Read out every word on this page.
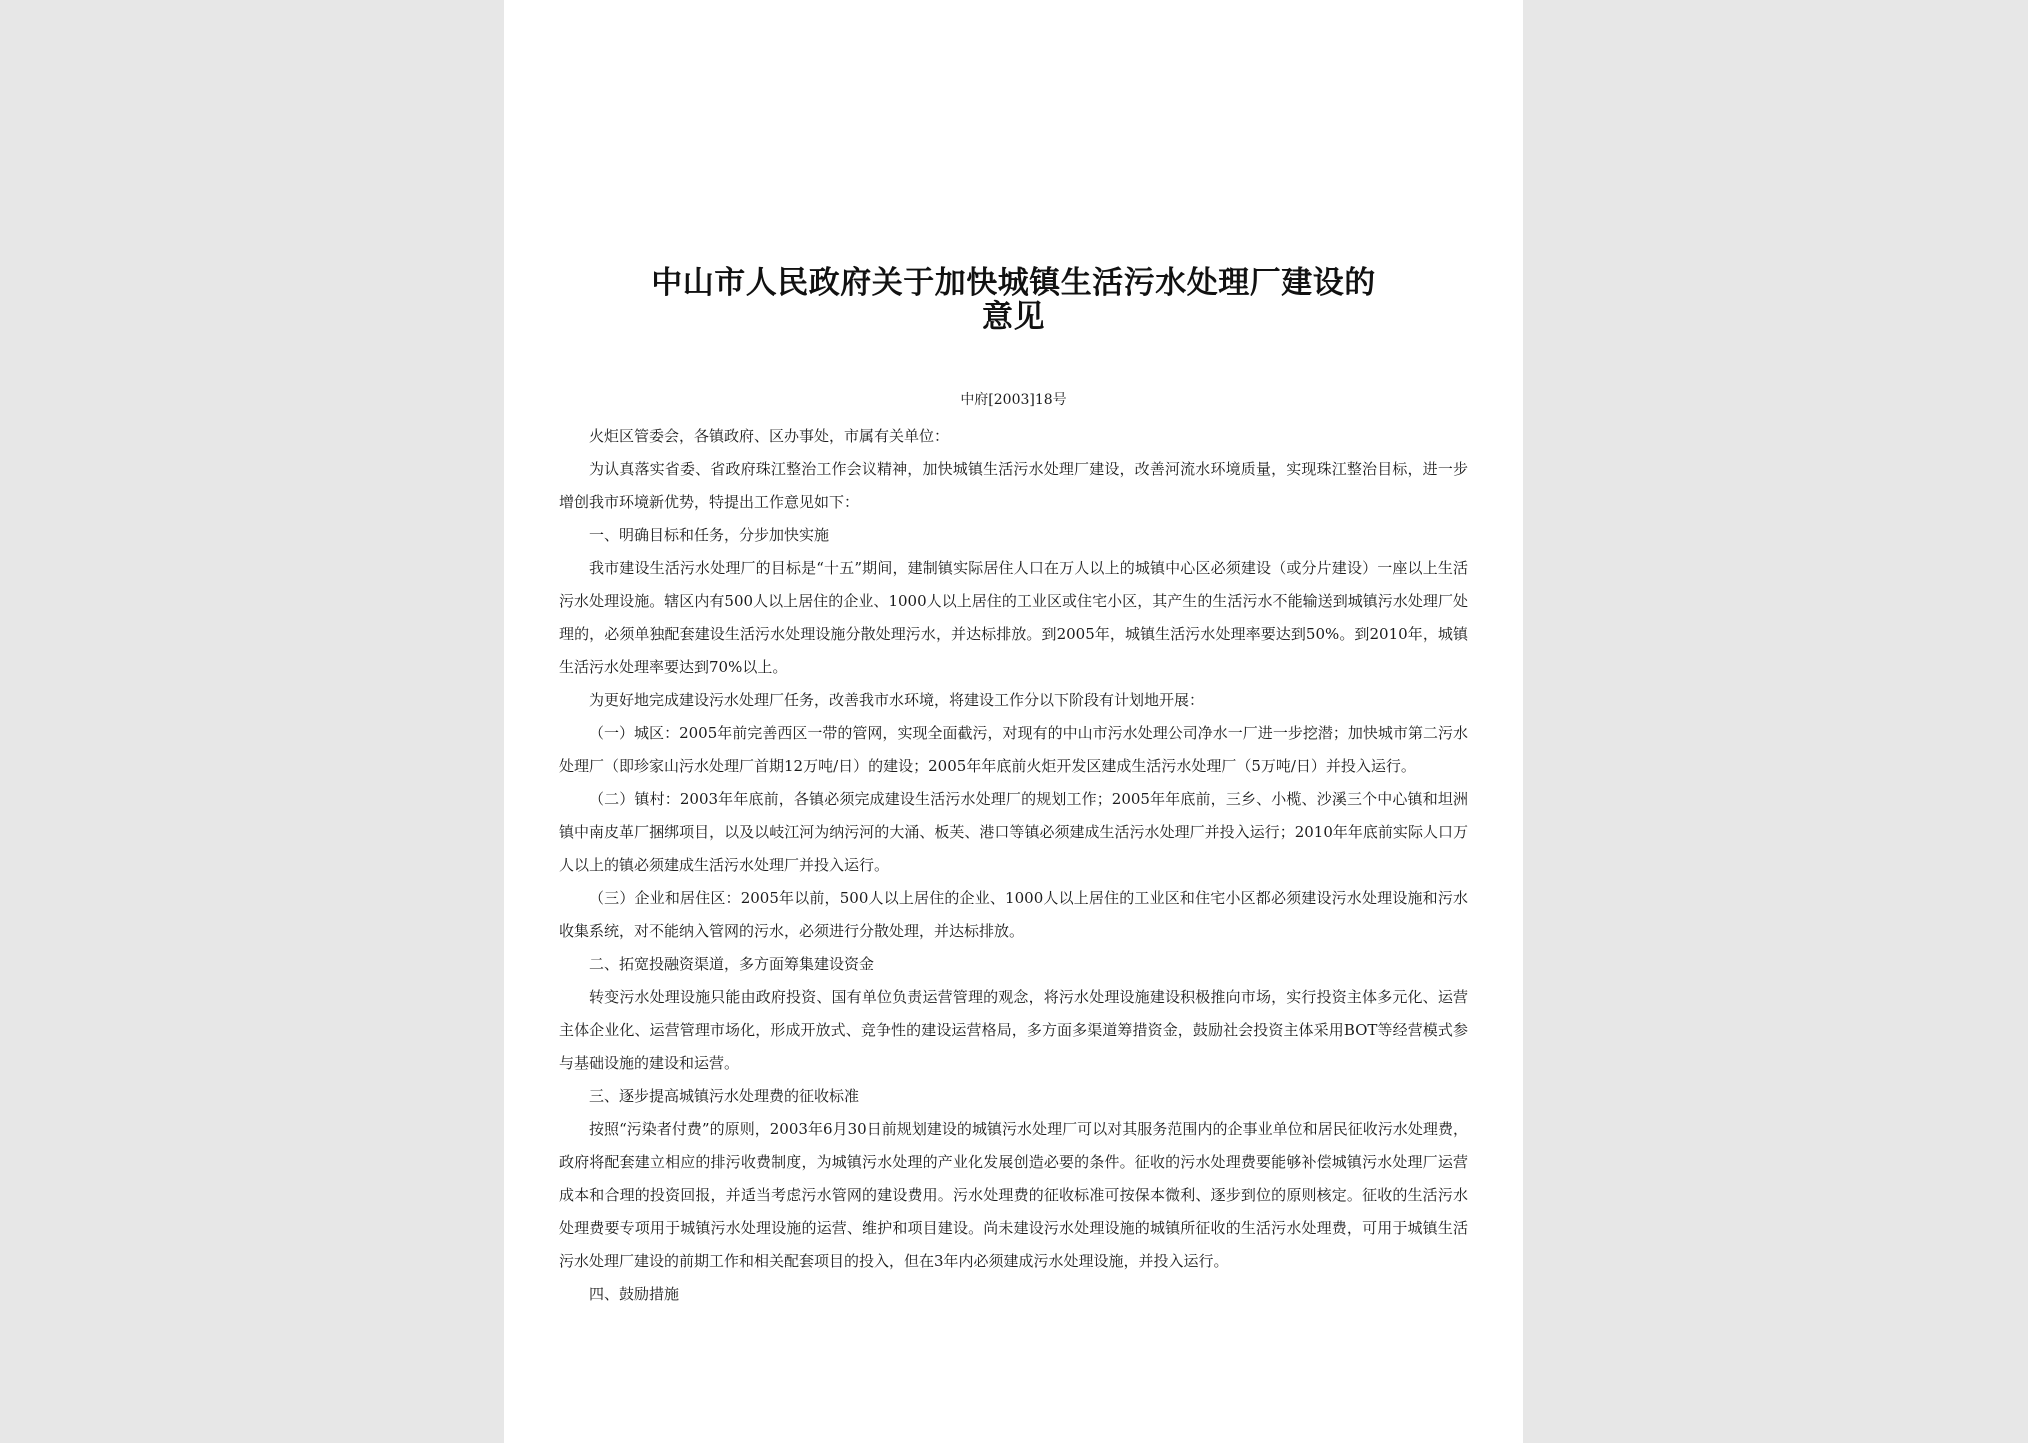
中山市人民政府关于加快城镇生活污水处理厂建设的
意见
中府[2003]18号

火炬区管委会，各镇政府、区办事处，市属有关单位：

为认真落实省委、省政府珠江整治工作会议精神，加快城镇生活污水处理厂建设，改善河流水环境质量，实现珠江整治目标，进一步增创我市环境新优势，特提出工作意见如下：

一、明确目标和任务，分步加快实施

我市建设生活污水处理厂的目标是“十五”期间，建制镇实际居住人口在万人以上的城镇中心区必须建设（或分片建设）一座以上生活污水处理设施。辖区内有500人以上居住的企业、1000人以上居住的工业区或住宅小区，其产生的生活污水不能输送到城镇污水处理厂处理的，必须单独配套建设生活污水处理设施分散处理污水，并达标排放。到2005年，城镇生活污水处理率要达到50%。到2010年，城镇生活污水处理率要达到70%以上。

为更好地完成建设污水处理厂任务，改善我市水环境，将建设工作分以下阶段有计划地开展：

（一）城区：2005年前完善西区一带的管网，实现全面截污，对现有的中山市污水处理公司净水一厂进一步挖潜；加快城市第二污水处理厂（即珍家山污水处理厂首期12万吨/日）的建设；2005年年底前火炬开发区建成生活污水处理厂（5万吨/日）并投入运行。

（二）镇村：2003年年底前，各镇必须完成建设生活污水处理厂的规划工作；2005年年底前，三乡、小榄、沙溪三个中心镇和坦洲镇中南皮革厂捆绑项目，以及以岐江河为纳污河的大涌、板芙、港口等镇必须建成生活污水处理厂并投入运行；2010年年底前实际人口万人以上的镇必须建成生活污水处理厂并投入运行。

（三）企业和居住区：2005年以前，500人以上居住的企业、1000人以上居住的工业区和住宅小区都必须建设污水处理设施和污水收集系统，对不能纳入管网的污水，必须进行分散处理，并达标排放。

二、拓宽投融资渠道，多方面筹集建设资金

转变污水处理设施只能由政府投资、国有单位负责运营管理的观念，将污水处理设施建设积极推向市场，实行投资主体多元化、运营主体企业化、运营管理市场化，形成开放式、竞争性的建设运营格局，多方面多渠道筹措资金，鼓励社会投资主体采用BOT等经营模式参与基础设施的建设和运营。

三、逐步提高城镇污水处理费的征收标准

按照“污染者付费”的原则，2003年6月30日前规划建设的城镇污水处理厂可以对其服务范围内的企事业单位和居民征收污水处理费，政府将配套建立相应的排污收费制度，为城镇污水处理的产业化发展创造必要的条件。征收的污水处理费要能够补偿城镇污水处理厂运营成本和合理的投资回报，并适当考虑污水管网的建设费用。污水处理费的征收标准可按保本微利、逐步到位的原则核定。征收的生活污水处理费要专项用于城镇污水处理设施的运营、维护和项目建设。尚未建设污水处理设施的城镇所征收的生活污水处理费，可用于城镇生活污水处理厂建设的前期工作和相关配套项目的投入，但在3年内必须建成污水处理设施，并投入运行。

四、鼓励措施
